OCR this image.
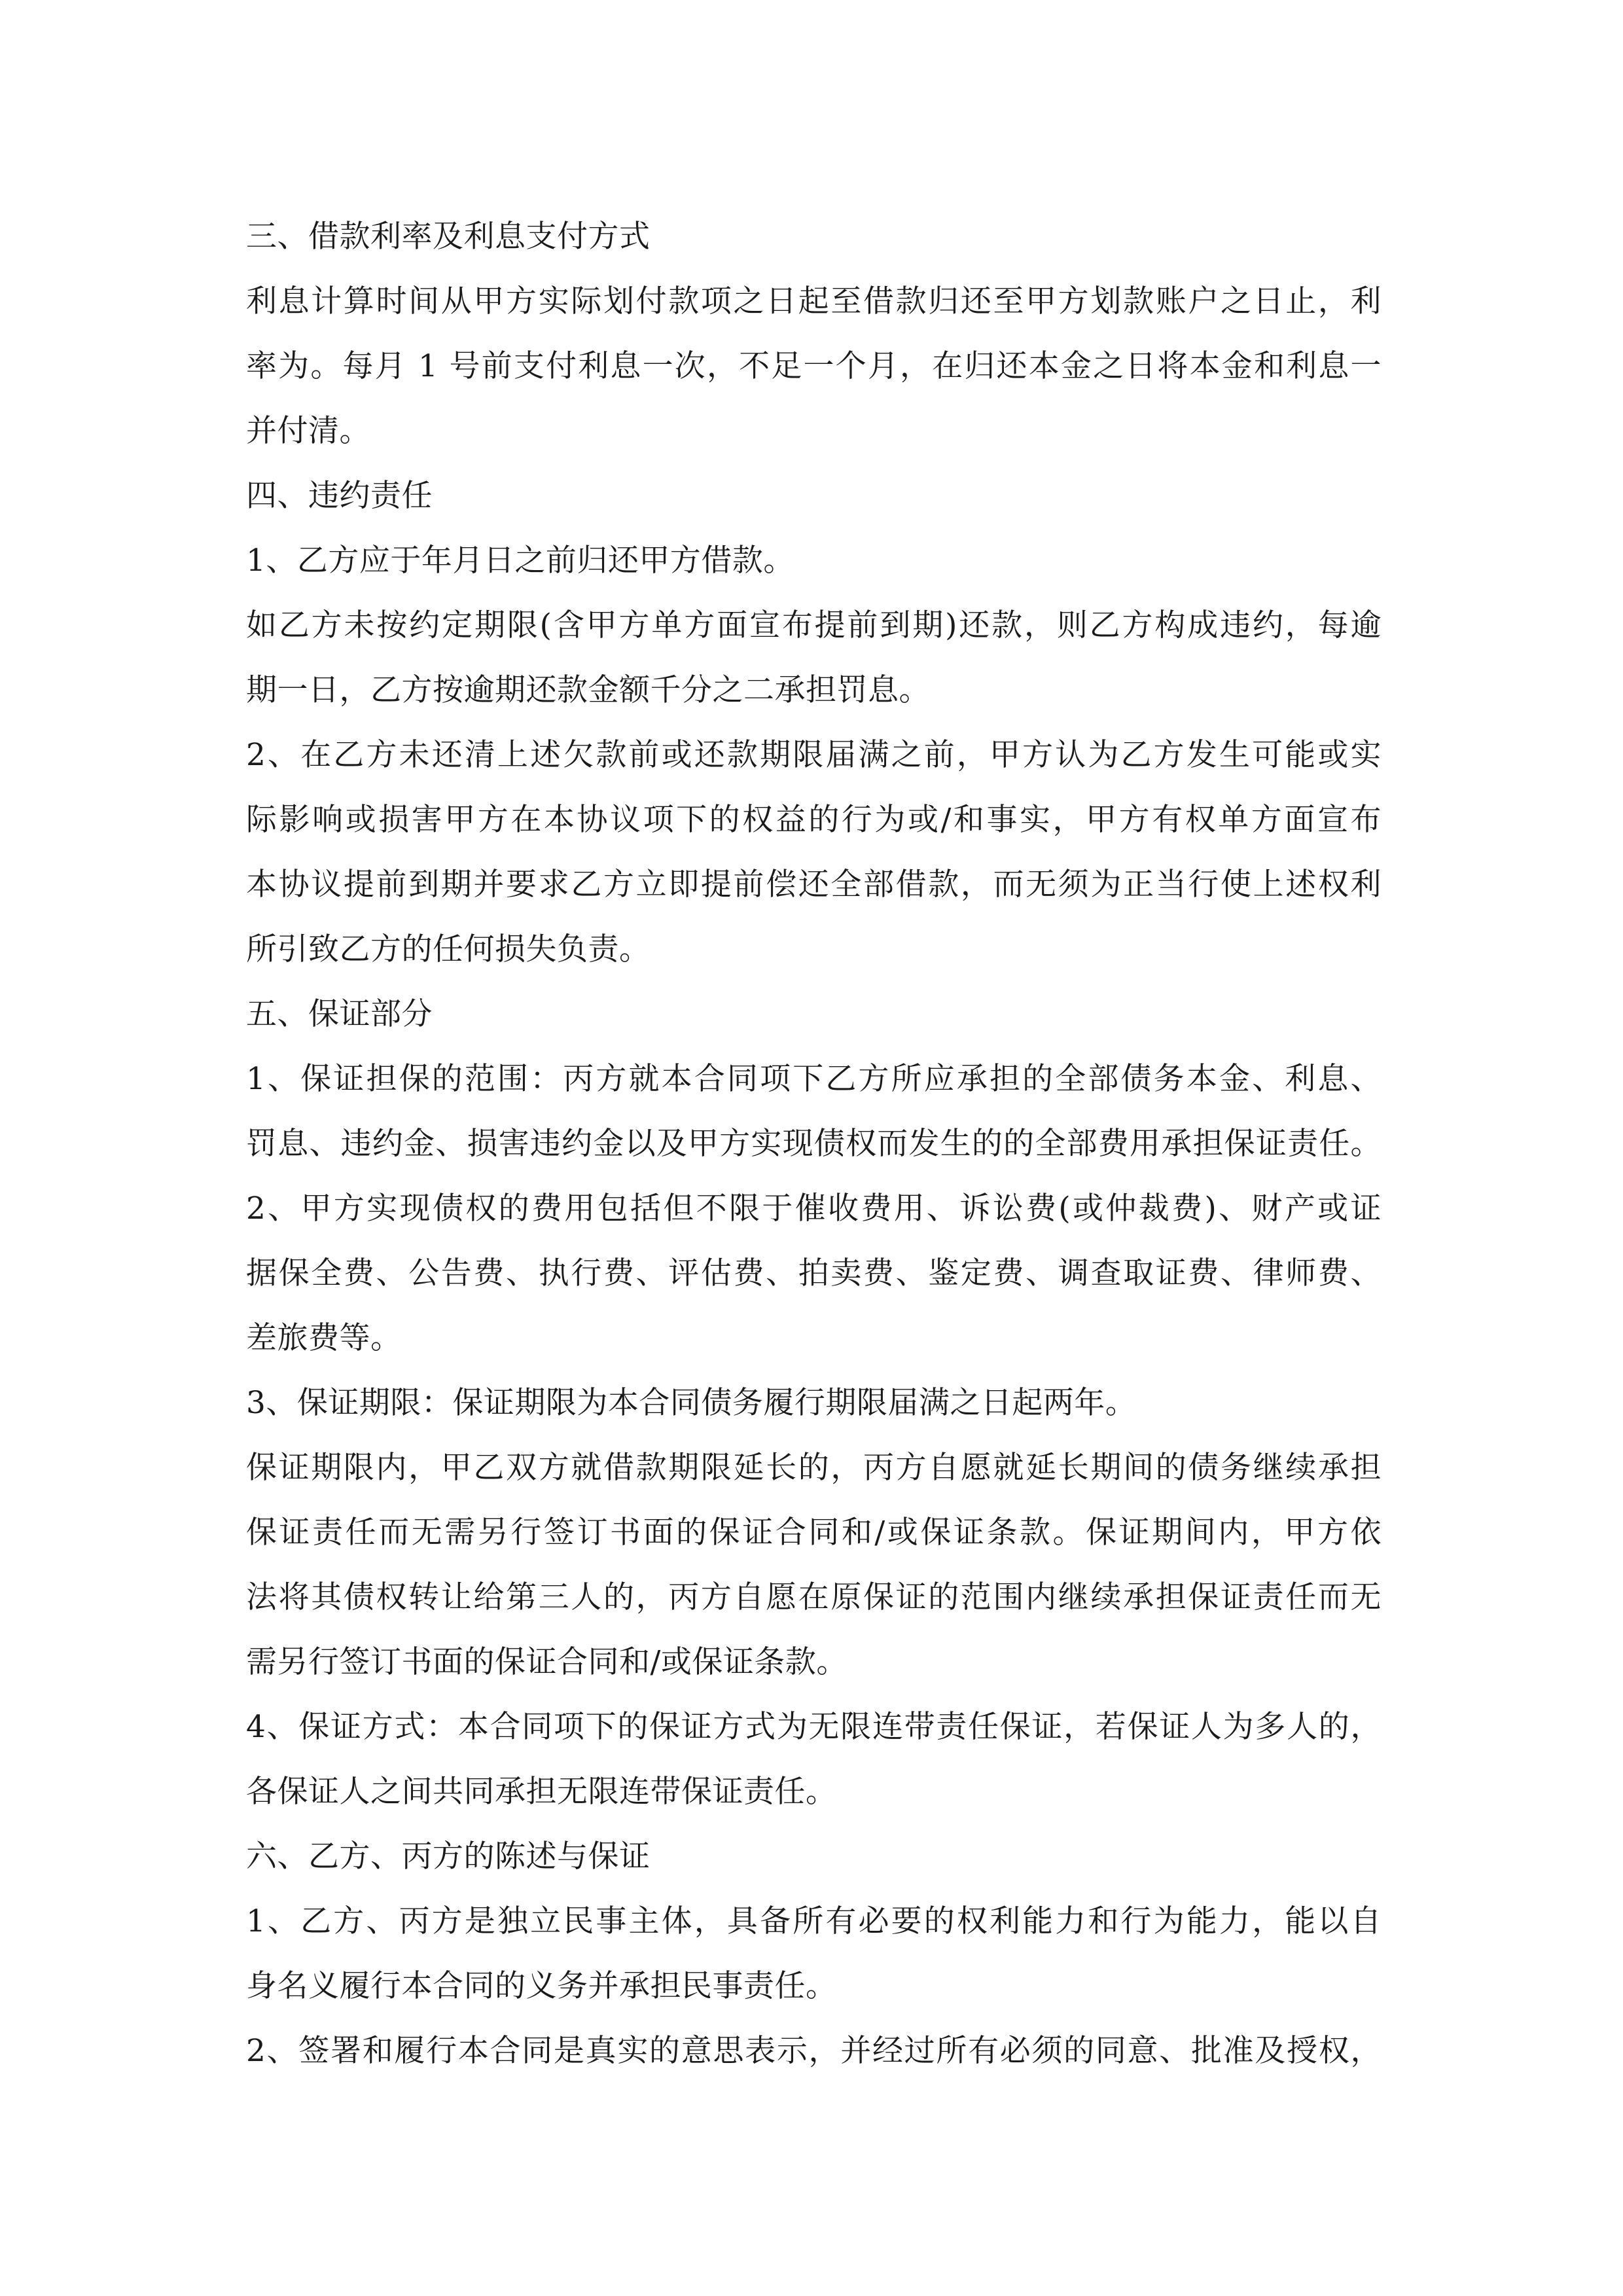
三、借款利率及利息支付方式
利息计算时间从甲方实际划付款项之日起至借款归还至甲方划款账户之日止，利
率为。每月 1 号前支付利息一次，不足一个月，在归还本金之日将本金和利息一
并付清。
四、违约责任
1、乙方应于年月日之前归还甲方借款。
如乙方未按约定期限(含甲方单方面宣布提前到期)还款，则乙方构成违约，每逾
期一日，乙方按逾期还款金额千分之二承担罚息。
2、在乙方未还清上述欠款前或还款期限届满之前，甲方认为乙方发生可能或实
际影响或损害甲方在本协议项下的权益的行为或/和事实，甲方有权单方面宣布
本协议提前到期并要求乙方立即提前偿还全部借款，而无须为正当行使上述权利
所引致乙方的任何损失负责。
五、保证部分
1、保证担保的范围：丙方就本合同项下乙方所应承担的全部债务本金、利息、
罚息、违约金、损害违约金以及甲方实现债权而发生的的全部费用承担保证责任。
2、甲方实现债权的费用包括但不限于催收费用、诉讼费(或仲裁费)、财产或证
据保全费、公告费、执行费、评估费、拍卖费、鉴定费、调查取证费、律师费、
差旅费等。
3、保证期限：保证期限为本合同债务履行期限届满之日起两年。
保证期限内，甲乙双方就借款期限延长的，丙方自愿就延长期间的债务继续承担
保证责任而无需另行签订书面的保证合同和/或保证条款。保证期间内，甲方依
法将其债权转让给第三人的，丙方自愿在原保证的范围内继续承担保证责任而无
需另行签订书面的保证合同和/或保证条款。
4、保证方式：本合同项下的保证方式为无限连带责任保证，若保证人为多人的，
各保证人之间共同承担无限连带保证责任。
六、乙方、丙方的陈述与保证
1、乙方、丙方是独立民事主体，具备所有必要的权利能力和行为能力，能以自
身名义履行本合同的义务并承担民事责任。
2、签署和履行本合同是真实的意思表示，并经过所有必须的同意、批准及授权，
